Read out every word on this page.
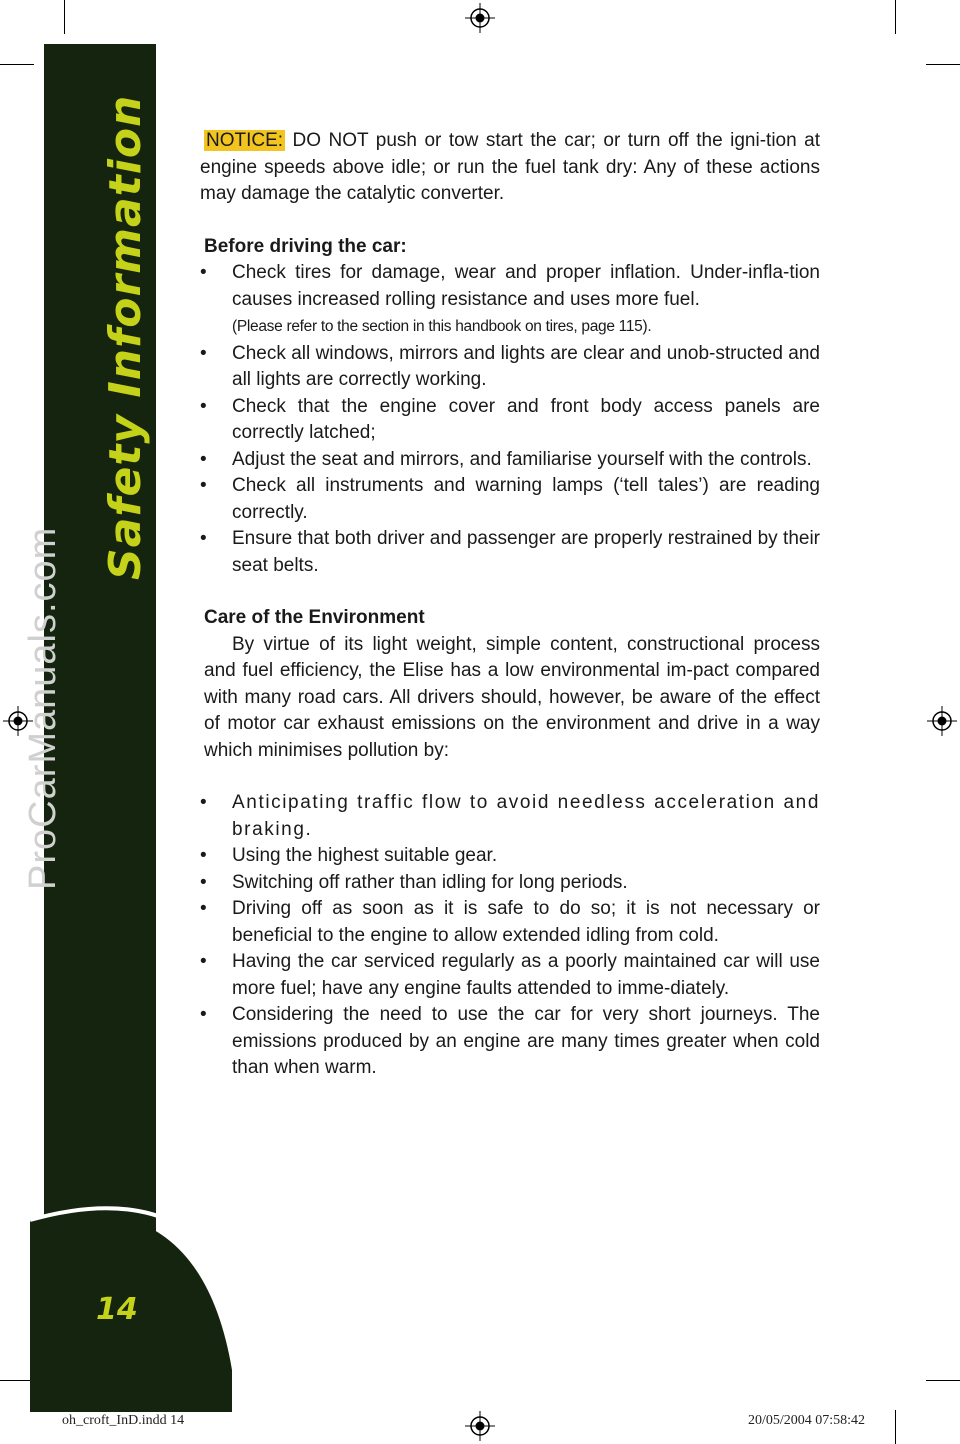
Safety Information
14
ProCarManuals.com

NOTICE: DO NOT push or tow start the car; or turn off the igni-tion at engine speeds above idle; or run the fuel tank dry: Any of these actions may damage the catalytic converter.

Before driving the car:
• Check tires for damage, wear and proper inflation. Under-infla-tion causes increased rolling resistance and uses more fuel.
(Please refer to the section in this handbook on tires, page 115).
• Check all windows, mirrors and lights are clear and unob-structed and all lights are correctly working.
• Check that the engine cover and front body access panels are correctly latched;
• Adjust the seat and mirrors, and familiarise yourself with the controls.
• Check all instruments and warning lamps (‘tell tales’) are reading correctly.
• Ensure that both driver and passenger are properly restrained by their seat belts.
Care of the Environment

By virtue of its light weight, simple content, constructional process and fuel efficiency, the Elise has a low environmental im-pact compared with many road cars. All drivers should, however, be aware of the effect of motor car exhaust emissions on the environment and drive in a way which minimises pollution by:

• Anticipating traffic flow to avoid needless acceleration and braking.
• Using the highest suitable gear.
• Switching off rather than idling for long periods.
• Driving off as soon as it is safe to do so; it is not necessary or beneficial to the engine to allow extended idling from cold.
• Having the car serviced regularly as a poorly maintained car will use more fuel; have any engine faults attended to imme-diately.
• Considering the need to use the car for very short journeys. The emissions produced by an engine are many times greater when cold than when warm.
oh_croft_InD.indd 14	20/05/2004 07:58:42
